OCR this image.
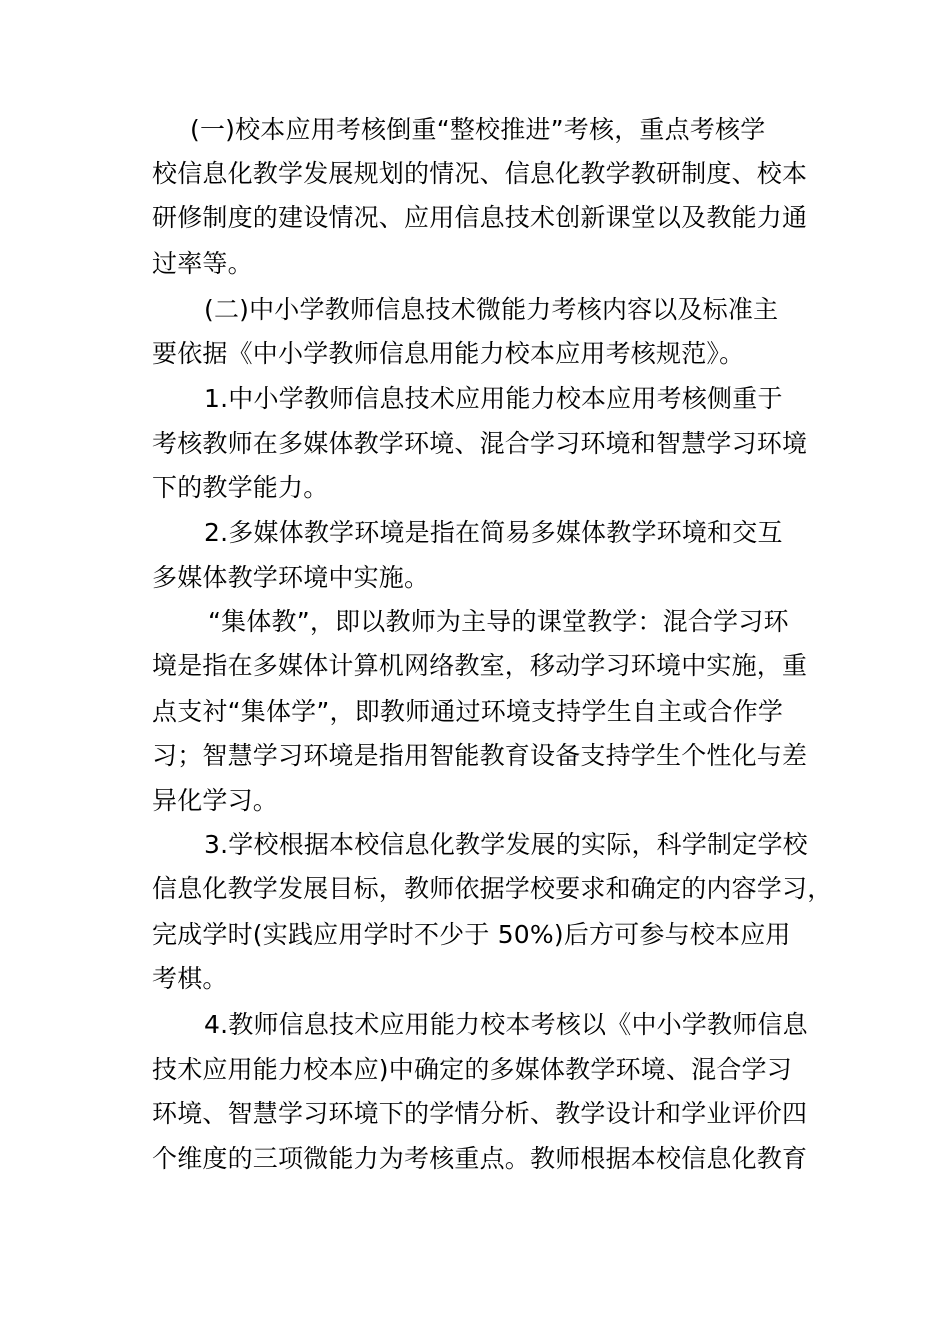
(一)校本应用考核倒重“整校推进”考核，重点考核学
校信息化教学发展规划的情况、信息化教学教研制度、校本
研修制度的建设情况、应用信息技术创新课堂以及教能力通
过率等。
(二)中小学教师信息技术微能力考核内容以及标准主
要依据《中小学教师信息用能力校本应用考核规范》。
1.中小学教师信息技术应用能力校本应用考核侧重于
考核教师在多媒体教学环境、混合学习环境和智慧学习环境
下的教学能力。
2.多媒体教学环境是指在简易多媒体教学环境和交互
多媒体教学环境中实施。
“集体教”，即以教师为主导的课堂教学：混合学习环
境是指在多媒体计算机网络教室，移动学习环境中实施，重
点支衬“集体学”，即教师通过环境支持学生自主或合作学
习；智慧学习环境是指用智能教育设备支持学生个性化与差
异化学习。
3.学校根据本校信息化教学发展的实际，科学制定学校
信息化教学发展目标，教师依据学校要求和确定的内容学习，
完成学时(实践应用学时不少于 50%)后方可参与校本应用
考棋。
4.教师信息技术应用能力校本考核以《中小学教师信息
技术应用能力校本应)中确定的多媒体教学环境、混合学习
环境、智慧学习环境下的学情分析、教学设计和学业评价四
个维度的三项微能力为考核重点。教师根据本校信息化教育
